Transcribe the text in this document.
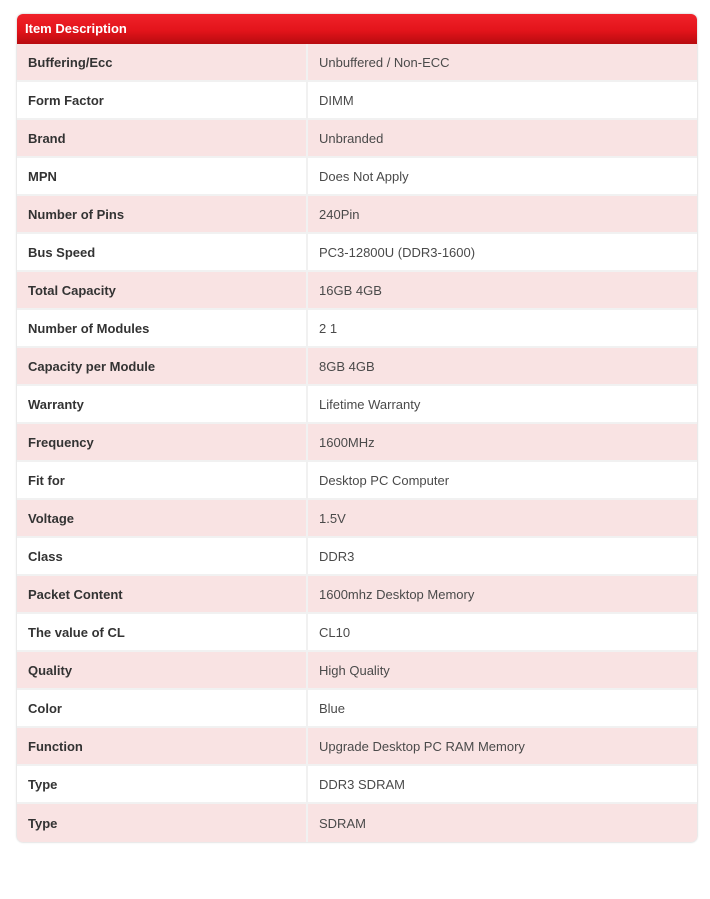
Item Description
Buffering/Ecc	Unbuffered / Non-ECC
Form Factor	DIMM
Brand	Unbranded
MPN	Does Not Apply
Number of Pins	240Pin
Bus Speed	PC3-12800U (DDR3-1600)
Total Capacity	16GB 4GB
Number of Modules	2 1
Capacity per Module	8GB 4GB
Warranty	Lifetime Warranty
Frequency	1600MHz
Fit for	Desktop PC Computer
Voltage	1.5V
Class	DDR3
Packet Content	1600mhz Desktop Memory
The value of CL	CL10
Quality	High Quality
Color	Blue
Function	Upgrade Desktop PC RAM Memory
Type	DDR3 SDRAM
Type	SDRAM
